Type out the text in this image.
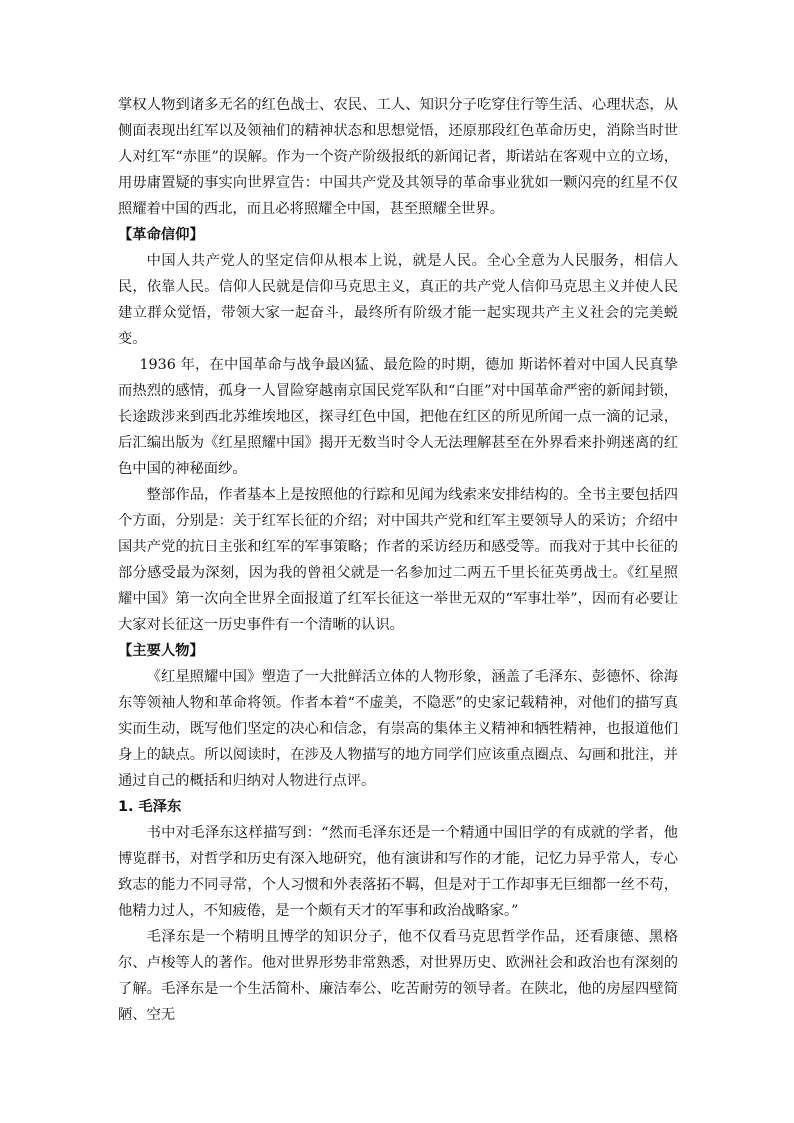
掌权人物到诸多无名的红色战士、农民、工人、知识分子吃穿住行等生活、心理状态，从侧面表现出红军以及领袖们的精神状态和思想觉悟，还原那段红色革命历史，消除当时世人对红军“赤匪”的误解。作为一个资产阶级报纸的新闻记者，斯诺站在客观中立的立场，用毋庸置疑的事实向世界宣告：中国共产党及其领导的革命事业犹如一颗闪亮的红星不仅照耀着中国的西北，而且必将照耀全中国，甚至照耀全世界。

【革命信仰】

中国人共产党人的坚定信仰从根本上说，就是人民。全心全意为人民服务，相信人民，依靠人民。信仰人民就是信仰马克思主义，真正的共产党人信仰马克思主义并使人民建立群众觉悟，带领大家一起奋斗，最终所有阶级才能一起实现共产主义社会的完美蜕变。

1936 年，在中国革命与战争最凶猛、最危险的时期，德加 斯诺怀着对中国人民真挚而热烈的感情，孤身一人冒险穿越南京国民党军队和“白匪”对中国革命严密的新闻封锁，长途跋涉来到西北苏维埃地区，探寻红色中国，把他在红区的所见所闻一点一滴的记录，后汇编出版为《红星照耀中国》揭开无数当时令人无法理解甚至在外界看来扑朔迷离的红色中国的神秘面纱。

整部作品，作者基本上是按照他的行踪和见闻为线索来安排结构的。全书主要包括四个方面，分别是：关于红军长征的介绍；对中国共产党和红军主要领导人的采访；介绍中国共产党的抗日主张和红军的军事策略；作者的采访经历和感受等。而我对于其中长征的部分感受最为深刻，因为我的曾祖父就是一名参加过二两五千里长征英勇战士。《红星照耀中国》第一次向全世界全面报道了红军长征这一举世无双的“军事壮举”，因而有必要让大家对长征这一历史事件有一个清晰的认识。

【主要人物】

《红星照耀中国》塑造了一大批鲜活立体的人物形象，涵盖了毛泽东、彭德怀、徐海东等领袖人物和革命将领。作者本着“不虚美，不隐恶”的史家记载精神，对他们的描写真实而生动，既写他们坚定的决心和信念，有崇高的集体主义精神和牺牲精神，也报道他们身上的缺点。所以阅读时，在涉及人物描写的地方同学们应该重点圈点、勾画和批注，并通过自己的概括和归纳对人物进行点评。

1. 毛泽东

书中对毛泽东这样描写到：“然而毛泽东还是一个精通中国旧学的有成就的学者，他博览群书，对哲学和历史有深入地研究，他有演讲和写作的才能，记忆力异乎常人，专心致志的能力不同寻常，个人习惯和外表落拓不羁，但是对于工作却事无巨细都一丝不苟，他精力过人，不知疲倦，是一个颇有天才的军事和政治战略家。”

毛泽东是一个精明且博学的知识分子，他不仅看马克思哲学作品，还看康德、黑格尔、卢梭等人的著作。他对世界形势非常熟悉，对世界历史、欧洲社会和政治也有深刻的了解。毛泽东是一个生活简朴、廉洁奉公、吃苦耐劳的领导者。在陕北，他的房屋四壁简陋、空无
